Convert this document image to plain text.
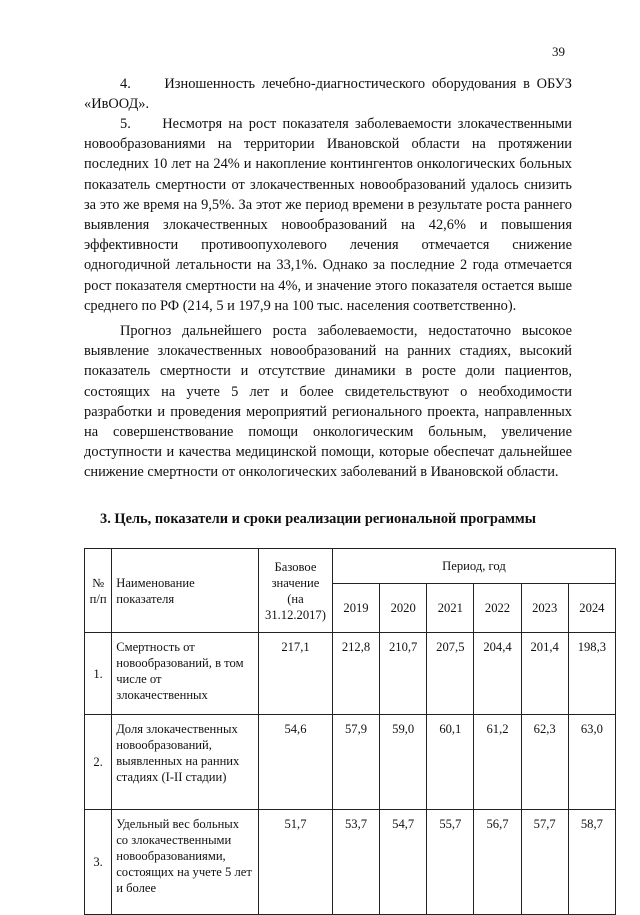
39

4.     Изношенность лечебно-диагностического оборудования в ОБУЗ «ИвООД».

5.     Несмотря на рост показателя заболеваемости злокачественными новообразованиями на территории Ивановской области на протяжении последних 10 лет на 24% и накопление контингентов онкологических больных показатель смертности от злокачественных новообразований удалось снизить за это же время на 9,5%. За этот же период времени в результате роста раннего выявления злокачественных новообразований на 42,6% и повышения эффективности противоопухолевого лечения отмечается снижение одногодичной летальности на 33,1%. Однако за последние 2 года отмечается рост показателя смертности на 4%, и значение этого показателя остается выше среднего по РФ (214, 5 и 197,9 на 100 тыс. населения соответственно).

Прогноз дальнейшего роста заболеваемости, недостаточно высокое выявление злокачественных новообразований на ранних стадиях, высокий показатель смертности и отсутствие динамики в росте доли пациентов, состоящих на учете 5 лет и более свидетельствуют о необходимости разработки и проведения мероприятий регионального проекта, направленных на совершенствование помощи онкологическим больным, увеличение доступности и качества медицинской помощи, которые обеспечат дальнейшее снижение смертности от онкологических заболеваний в Ивановской области.

3. Цель, показатели и сроки реализации региональной программы
№ п/п	Наименование показателя	Базовое значение (на 31.12.2017)	Период, год					
			2019	2020	2021	2022	2023	2024
1.	Смертность от новообразований, в том числе от злокачественных	217,1	212,8	210,7	207,5	204,4	201,4	198,3
2.	Доля злокачественных новообразований, выявленных на ранних стадиях (I-II стадии)	54,6	57,9	59,0	60,1	61,2	62,3	63,0
3.	Удельный вес больных со злокачественными новообразованиями, состоящих на учете 5 лет и более	51,7	53,7	54,7	55,7	56,7	57,7	58,7
